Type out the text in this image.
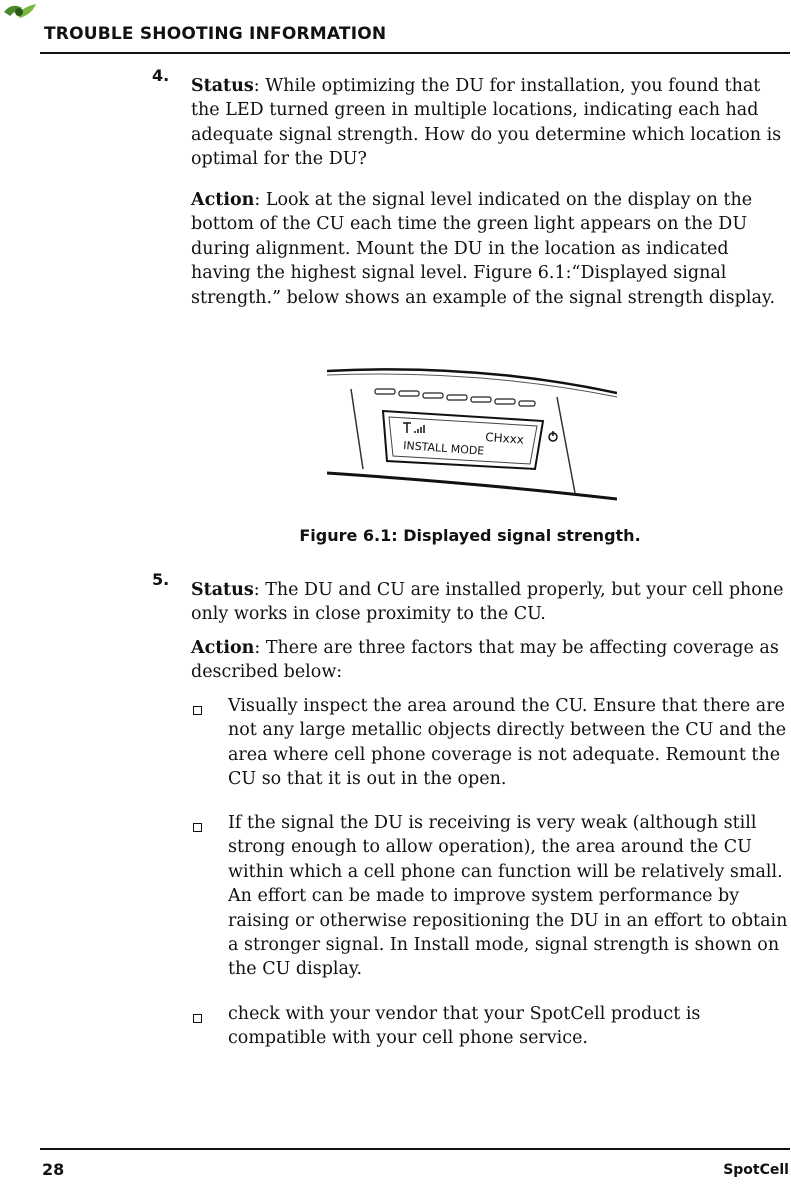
TROUBLE SHOOTING INFORMATION
4.
Status: While optimizing the DU for installation, you found that the LED turned green in multiple locations, indicating each had adequate signal strength. How do you determine which location is optimal for the DU?
Action: Look at the signal level indicated on the display on the bottom of the CU each time the green light appears on the DU during alignment. Mount the DU in the location as indicated having the highest signal level. Figure 6.1:“Displayed signal strength.” below shows an example of the signal strength display.
INSTALL MODE
CHxxx
Figure 6.1: Displayed signal strength.
5.
Status: The DU and CU are installed properly, but your cell phone only works in close proximity to the CU.
Action: There are three factors that may be affecting coverage as described below:
Visually inspect the area around the CU. Ensure that there are not any large metallic objects directly between the CU and the area where cell phone coverage is not adequate. Remount the CU so that it is out in the open.
If the signal the DU is receiving is very weak (although still strong enough to allow operation), the area around the CU within which a cell phone can function will be relatively small. An effort can be made to improve system performance by raising or otherwise repositioning the DU in an effort to obtain a stronger signal. In Install mode, signal strength is shown on the CU display.
check with your vendor that your SpotCell product is compatible with your cell phone service.
28	SpotCell
